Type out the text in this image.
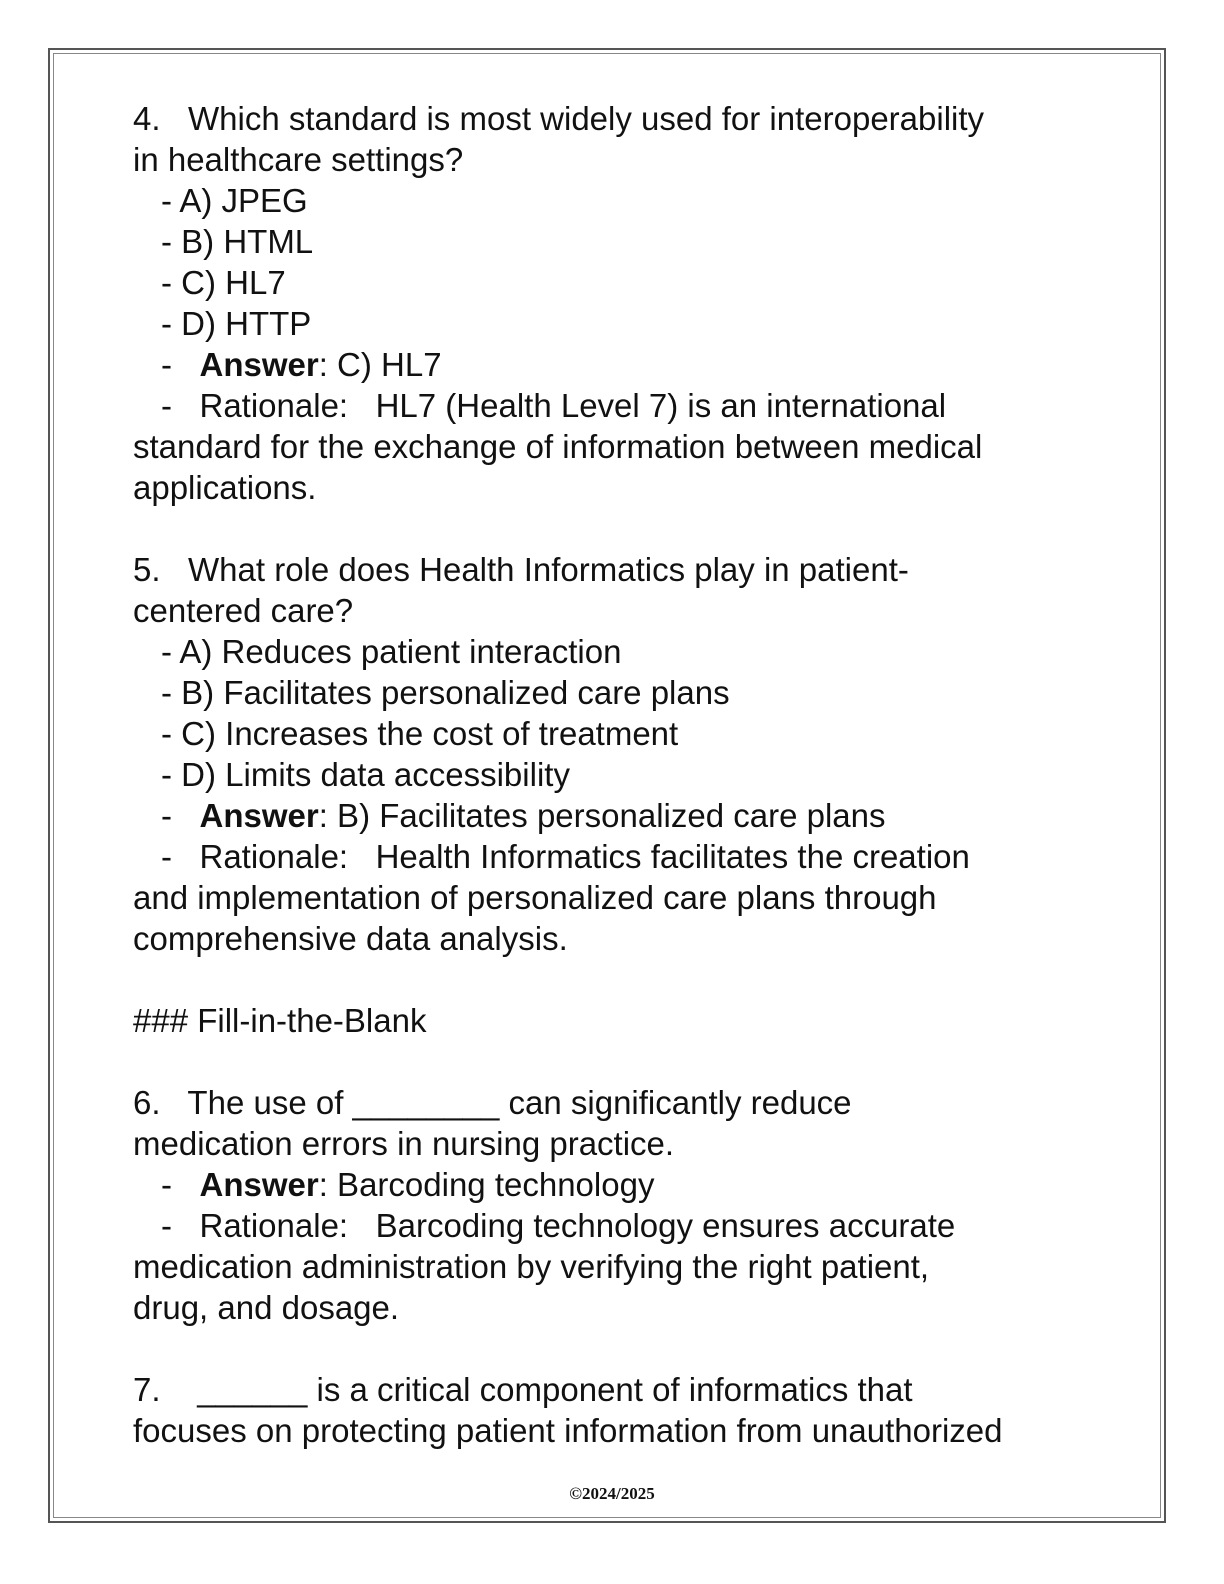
4.   Which standard is most widely used for interoperability
in healthcare settings?
- A) JPEG
- B) HTML
- C) HL7
- D) HTTP
-   Answer: C) HL7
-   Rationale:   HL7 (Health Level 7) is an international
standard for the exchange of information between medical
applications.
5.   What role does Health Informatics play in patient-
centered care?
- A) Reduces patient interaction
- B) Facilitates personalized care plans
- C) Increases the cost of treatment
- D) Limits data accessibility
-   Answer: B) Facilitates personalized care plans
-   Rationale:   Health Informatics facilitates the creation
and implementation of personalized care plans through
comprehensive data analysis.
### Fill-in-the-Blank
6.   The use of ________ can significantly reduce
medication errors in nursing practice.
-   Answer: Barcoding technology
-   Rationale:   Barcoding technology ensures accurate
medication administration by verifying the right patient,
drug, and dosage.
7.    ______ is a critical component of informatics that
focuses on protecting patient information from unauthorized
©2024/2025
